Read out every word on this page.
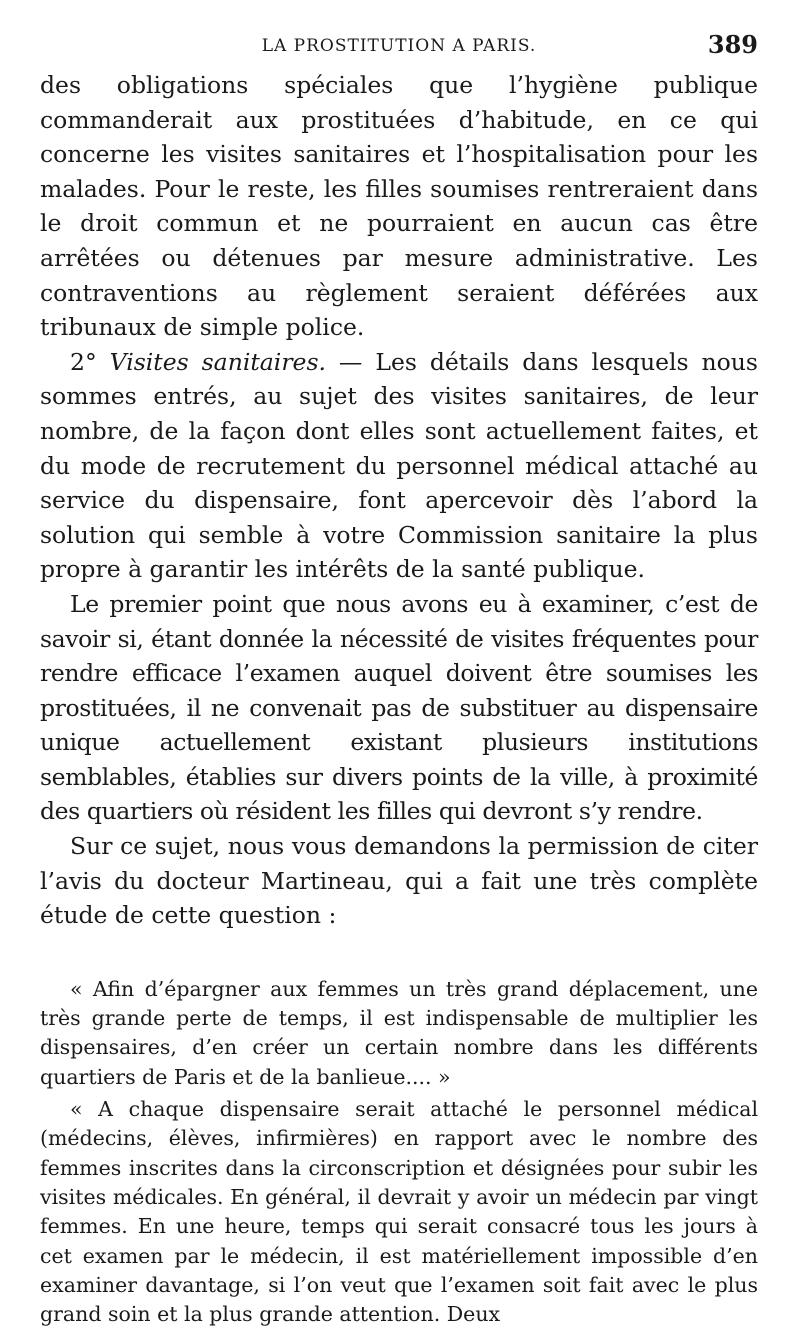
LA PROSTITUTION A PARIS.	389

des obligations spéciales que l’hygiène publique commanderait aux prostituées d’habitude, en ce qui concerne les visites sanitaires et l’hospitalisation pour les malades. Pour le reste, les filles soumises rentreraient dans le droit commun et ne pourraient en aucun cas être arrêtées ou détenues par mesure administrative. Les contraventions au règlement seraient déférées aux tribunaux de simple police.

2° Visites sanitaires. — Les détails dans lesquels nous sommes entrés, au sujet des visites sanitaires, de leur nombre, de la façon dont elles sont actuellement faites, et du mode de recrutement du personnel médical attaché au service du dispensaire, font apercevoir dès l’abord la solution qui semble à votre Commission sanitaire la plus propre à garantir les intérêts de la santé publique.

Le premier point que nous avons eu à examiner, c’est de savoir si, étant donnée la nécessité de visites fréquentes pour rendre efficace l’examen auquel doivent être soumises les prostituées, il ne convenait pas de substituer au dispensaire unique actuellement existant plusieurs institutions semblables, établies sur divers points de la ville, à proximité des quartiers où résident les filles qui devront s’y rendre.

Sur ce sujet, nous vous demandons la permission de citer l’avis du docteur Martineau, qui a fait une très complète étude de cette question :

« Afin d’épargner aux femmes un très grand déplacement, une très grande perte de temps, il est indispensable de multiplier les dispensaires, d’en créer un certain nombre dans les différents quartiers de Paris et de la banlieue.... »

« A chaque dispensaire serait attaché le personnel médical (médecins, élèves, infirmières) en rapport avec le nombre des femmes inscrites dans la circonscription et désignées pour subir les visites médicales. En général, il devrait y avoir un médecin par vingt femmes. En une heure, temps qui serait consacré tous les jours à cet examen par le médecin, il est matériellement impossible d’en examiner davantage, si l’on veut que l’examen soit fait avec le plus grand soin et la plus grande attention. Deux
